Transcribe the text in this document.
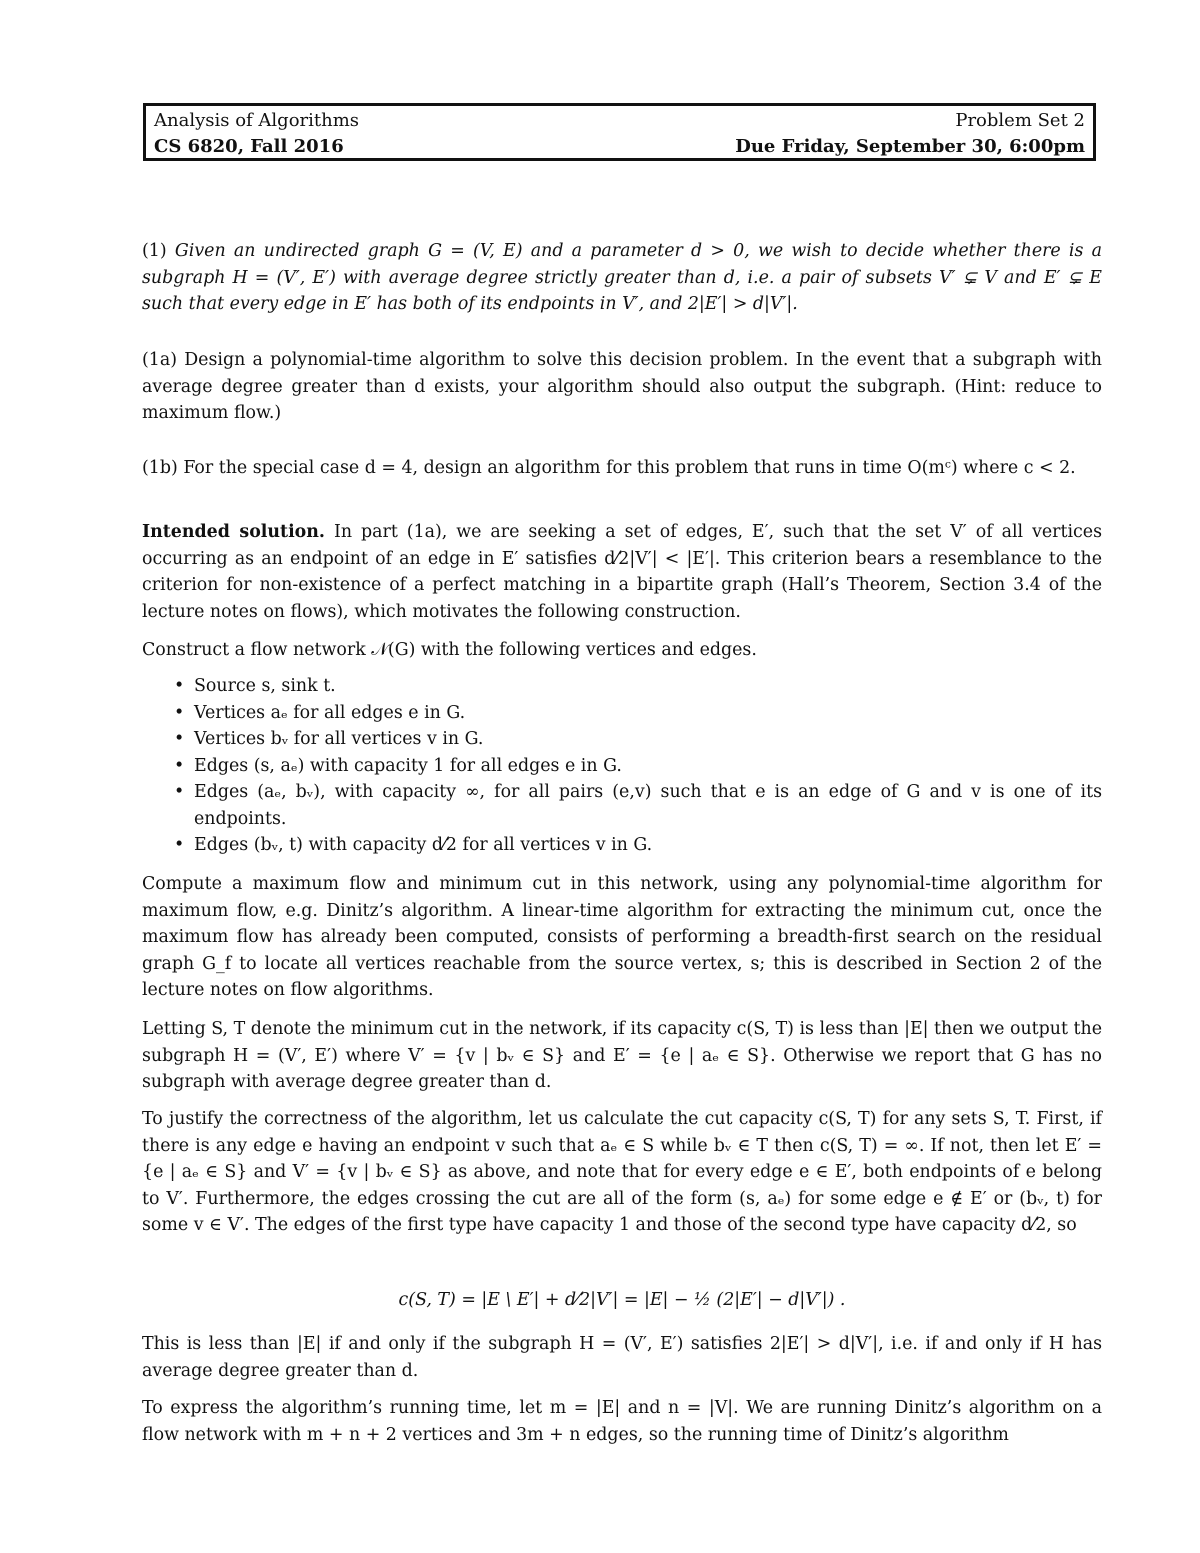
Analysis of Algorithms	Problem Set 2
CS 6820, Fall 2016	Due Friday, September 30, 6:00pm

(1) Given an undirected graph G = (V, E) and a parameter d > 0, we wish to decide whether there is a subgraph H = (V′, E′) with average degree strictly greater than d, i.e. a pair of subsets V′ ⊊ V and E′ ⊊ E such that every edge in E′ has both of its endpoints in V′, and 2|E′| > d|V′|.

(1a) Design a polynomial-time algorithm to solve this decision problem. In the event that a subgraph with average degree greater than d exists, your algorithm should also output the subgraph. (Hint: reduce to maximum flow.)

(1b) For the special case d = 4, design an algorithm for this problem that runs in time O(mᶜ) where c < 2.

Intended solution. In part (1a), we are seeking a set of edges, E′, such that the set V′ of all vertices occurring as an endpoint of an edge in E′ satisfies d⁄2|V′| < |E′|. This criterion bears a resemblance to the criterion for non-existence of a perfect matching in a bipartite graph (Hall’s Theorem, Section 3.4 of the lecture notes on flows), which motivates the following construction.

Construct a flow network 𝒩(G) with the following vertices and edges.

• Source s, sink t.
• Vertices aₑ for all edges e in G.
• Vertices bᵥ for all vertices v in G.
• Edges (s, aₑ) with capacity 1 for all edges e in G.
• Edges (aₑ, bᵥ), with capacity ∞, for all pairs (e,v) such that e is an edge of G and v is one of its endpoints.
• Edges (bᵥ, t) with capacity d⁄2 for all vertices v in G.

Compute a maximum flow and minimum cut in this network, using any polynomial-time algorithm for maximum flow, e.g. Dinitz’s algorithm. A linear-time algorithm for extracting the minimum cut, once the maximum flow has already been computed, consists of performing a breadth-first search on the residual graph G_f to locate all vertices reachable from the source vertex, s; this is described in Section 2 of the lecture notes on flow algorithms.

Letting S, T denote the minimum cut in the network, if its capacity c(S, T) is less than |E| then we output the subgraph H = (V′, E′) where V′ = {v | bᵥ ∈ S} and E′ = {e | aₑ ∈ S}. Otherwise we report that G has no subgraph with average degree greater than d.

To justify the correctness of the algorithm, let us calculate the cut capacity c(S, T) for any sets S, T. First, if there is any edge e having an endpoint v such that aₑ ∈ S while bᵥ ∈ T then c(S, T) = ∞. If not, then let E′ = {e | aₑ ∈ S} and V′ = {v | bᵥ ∈ S} as above, and note that for every edge e ∈ E′, both endpoints of e belong to V′. Furthermore, the edges crossing the cut are all of the form (s, aₑ) for some edge e ∉ E′ or (bᵥ, t) for some v ∈ V′. The edges of the first type have capacity 1 and those of the second type have capacity d⁄2, so

c(S, T) = |E \ E′| + d⁄2|V′| = |E| − ½ (2|E′| − d|V′|) .

This is less than |E| if and only if the subgraph H = (V′, E′) satisfies 2|E′| > d|V′|, i.e. if and only if H has average degree greater than d.

To express the algorithm’s running time, let m = |E| and n = |V|. We are running Dinitz’s algorithm on a flow network with m + n + 2 vertices and 3m + n edges, so the running time of Dinitz’s algorithm
